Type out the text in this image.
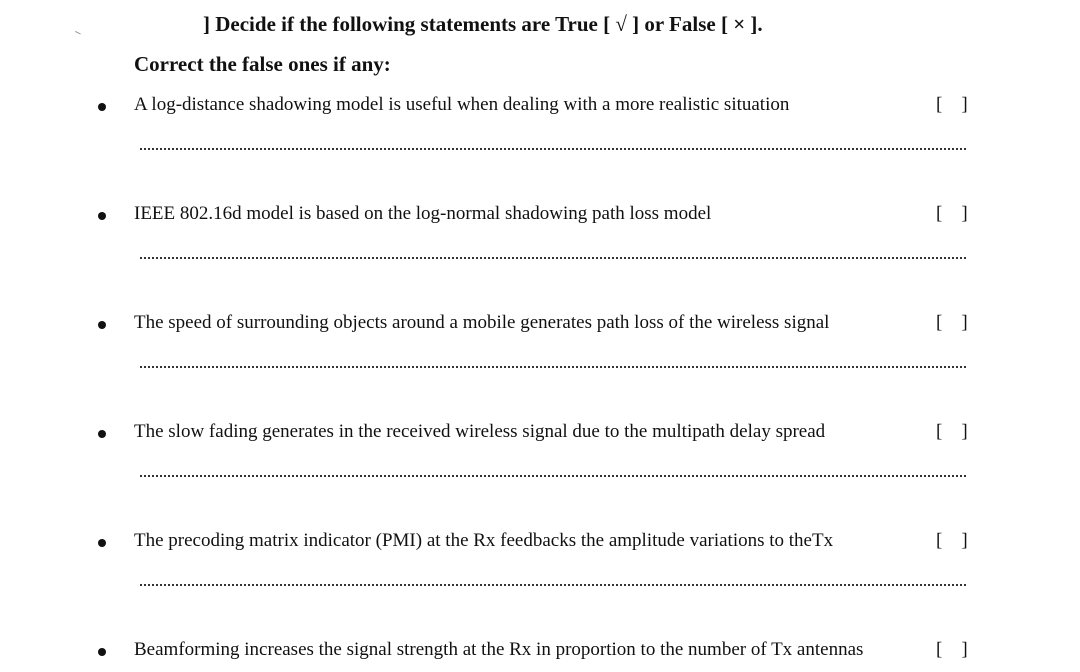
] Decide if the following statements are True [ √ ] or False [ × ].
Correct the false ones if any:
A log-distance shadowing model is useful when dealing with a more realistic situation	[    ]
IEEE 802.16d model is based on the log-normal shadowing path loss model	[    ]
The speed of surrounding objects around a mobile generates path loss of the wireless signal	[    ]
The slow fading generates in the received wireless signal due to the multipath delay spread	[    ]
The precoding matrix indicator (PMI) at the Rx feedbacks the amplitude variations to theTx	[    ]
Beamforming increases the signal strength at the Rx in proportion to the number of Tx antennas	[    ]
